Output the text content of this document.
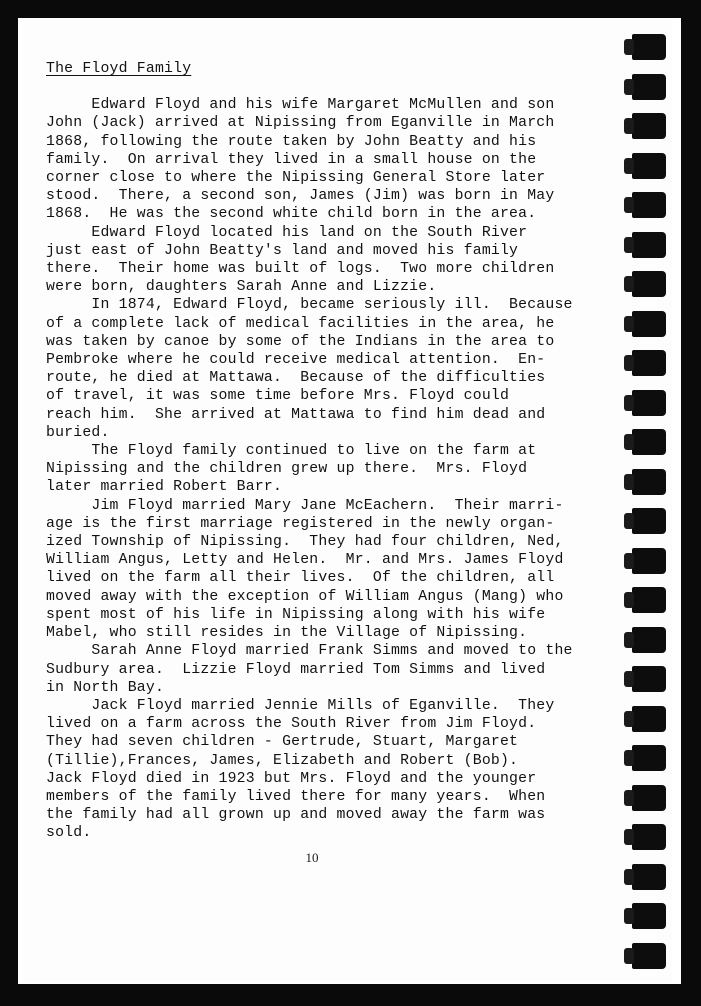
The Floyd Family
Edward Floyd and his wife Margaret McMullen and son
John (Jack) arrived at Nipissing from Eganville in March
1868, following the route taken by John Beatty and his
family.  On arrival they lived in a small house on the
corner close to where the Nipissing General Store later
stood.  There, a second son, James (Jim) was born in May
1868.  He was the second white child born in the area.
Edward Floyd located his land on the South River
just east of John Beatty's land and moved his family
there.  Their home was built of logs.  Two more children
were born, daughters Sarah Anne and Lizzie.
In 1874, Edward Floyd, became seriously ill.  Because
of a complete lack of medical facilities in the area, he
was taken by canoe by some of the Indians in the area to
Pembroke where he could receive medical attention.  En-
route, he died at Mattawa.  Because of the difficulties
of travel, it was some time before Mrs. Floyd could
reach him.  She arrived at Mattawa to find him dead and
buried.
The Floyd family continued to live on the farm at
Nipissing and the children grew up there.  Mrs. Floyd
later married Robert Barr.
Jim Floyd married Mary Jane McEachern.  Their marri-
age is the first marriage registered in the newly organ-
ized Township of Nipissing.  They had four children, Ned,
William Angus, Letty and Helen.  Mr. and Mrs. James Floyd
lived on the farm all their lives.  Of the children, all
moved away with the exception of William Angus (Mang) who
spent most of his life in Nipissing along with his wife
Mabel, who still resides in the Village of Nipissing.
Sarah Anne Floyd married Frank Simms and moved to the
Sudbury area.  Lizzie Floyd married Tom Simms and lived
in North Bay.
Jack Floyd married Jennie Mills of Eganville.  They
lived on a farm across the South River from Jim Floyd.
They had seven children - Gertrude, Stuart, Margaret
(Tillie),Frances, James, Elizabeth and Robert (Bob).
Jack Floyd died in 1923 but Mrs. Floyd and the younger
members of the family lived there for many years.  When
the family had all grown up and moved away the farm was
sold.
10
